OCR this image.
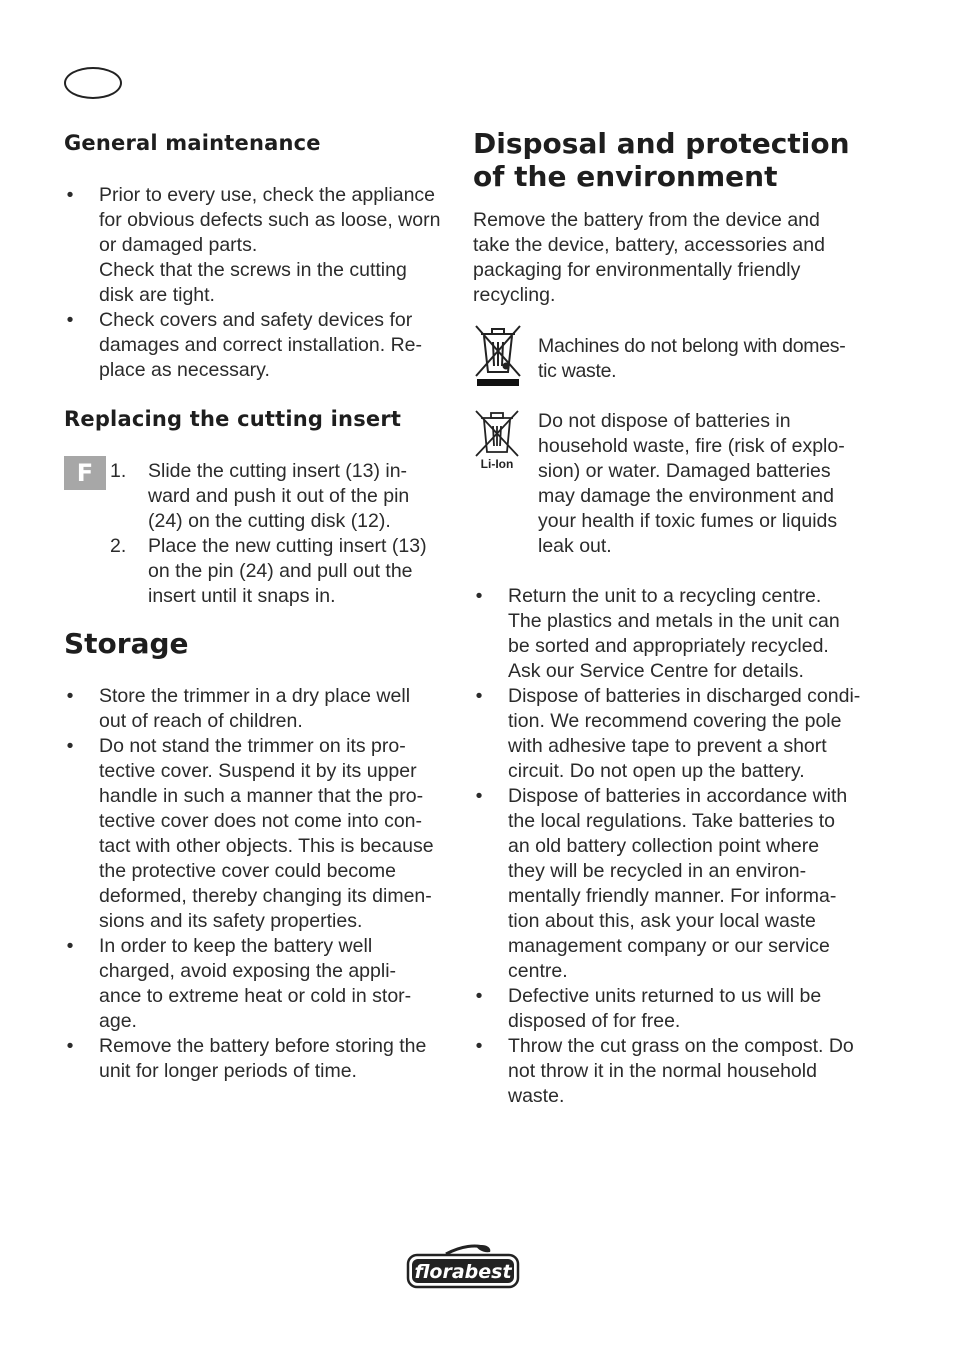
General maintenance
• Prior to every use, check the appliance
for obvious defects such as loose, worn
or damaged parts.
Check that the screws in the cutting
disk are tight.
• Check covers and safety devices for
damages and correct installation. Re-
place as necessary.
Replacing the cutting insert
F 1. Slide the cutting insert (13) in-
ward and push it out of the pin
(24) on the cutting disk (12).
2. Place the new cutting insert (13)
on the pin (24) and pull out the
insert until it snaps in.
Storage
• Store the trimmer in a dry place well
out of reach of children.
• Do not stand the trimmer on its pro-
tective cover. Suspend it by its upper
handle in such a manner that the pro-
tective cover does not come into con-
tact with other objects. This is because
the protective cover could become
deformed, thereby changing its dimen-
sions and its safety properties.
• In order to keep the battery well
charged, avoid exposing the appli-
ance to extreme heat or cold in stor-
age.
• Remove the battery before storing the
unit for longer periods of time.
Disposal and protection
of the environment

Remove the battery from the device and
take the device, battery, accessories and
packaging for environmentally friendly
recycling.

Machines do not belong with domes-
tic waste.
Li-Ion
Do not dispose of batteries in
household waste, fire (risk of explo-
sion) or water. Damaged batteries
may damage the environment and
your health if toxic fumes or liquids
leak out.
• Return the unit to a recycling centre.
The plastics and metals in the unit can
be sorted and appropriately recycled.
Ask our Service Centre for details.
• Dispose of batteries in discharged condi-
tion. We recommend covering the pole
with adhesive tape to prevent a short
circuit. Do not open up the battery.
• Dispose of batteries in accordance with
the local regulations. Take batteries to
an old battery collection point where
they will be recycled in an environ-
mentally friendly manner. For informa-
tion about this, ask your local waste
management company or our service
centre.
• Defective units returned to us will be
disposed of for free.
• Throw the cut grass on the compost. Do
not throw it in the normal household
waste.
florabest
